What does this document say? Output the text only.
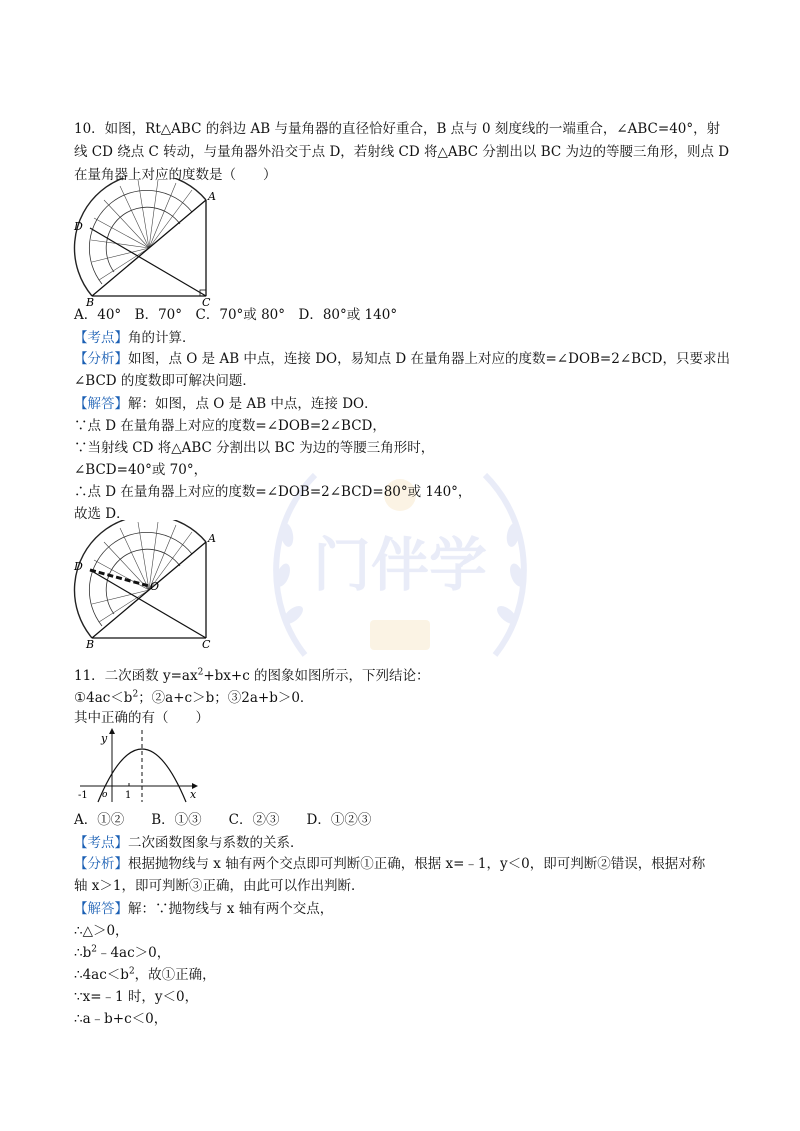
门伴学
10．如图，Rt△ABC 的斜边 AB 与量角器的直径恰好重合，B 点与 0 刻度线的一端重合，∠ABC=40°，射
线 CD 绕点 C 转动，与量角器外沿交于点 D，若射线 CD 将△ABC 分割出以 BC 为边的等腰三角形，则点 D
在量角器上对应的度数是（　　）
A
B	C
D
A．40°　B．70°　C．70°或 80°　D．80°或 140°
【考点】角的计算．
【分析】如图，点 O 是 AB 中点，连接 DO，易知点 D 在量角器上对应的度数=∠DOB=2∠BCD，只要求出
∠BCD 的度数即可解决问题．
【解答】解：如图，点 O 是 AB 中点，连接 DO．
∵点 D 在量角器上对应的度数=∠DOB=2∠BCD，
∵当射线 CD 将△ABC 分割出以 BC 为边的等腰三角形时，
∠BCD=40°或 70°，
∴点 D 在量角器上对应的度数=∠DOB=2∠BCD=80°或 140°，
故选 D．
A
B	C
D
O
11．二次函数 $y=ax^2+bx+c$ 的图象如图所示，下列结论：
$①4ac<b^2$；②a+c＞b；③2a+b＞0．
其中正确的有（　　）
y
x
-1 o 1
A．①②　　B．①③　　C．②③　　D．①②③
【考点】二次函数图象与系数的关系．
【分析】根据抛物线与 x 轴有两个交点即可判断①正确，根据 x=﹣1，y＜0，即可判断②错误，根据对称
轴 x＞1，即可判断③正确，由此可以作出判断．
【解答】解：∵抛物线与 x 轴有两个交点，
∴△＞0，
$\therefore b^2﹣4ac>0$，
$\therefore 4ac<b^2$，故①正确，
∵x=﹣1 时，y＜0，
∴a﹣b+c＜0，
